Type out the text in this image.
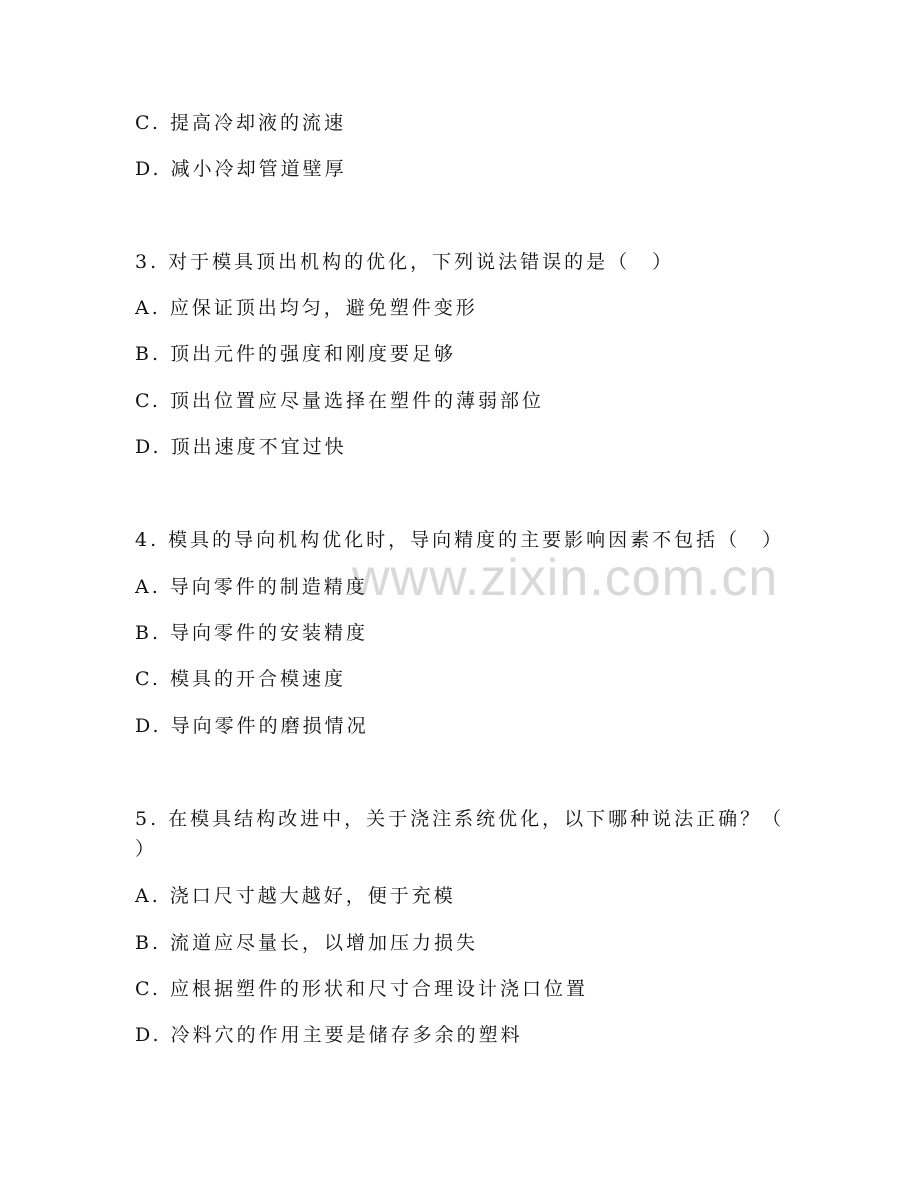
www.zixin.com.cn
C. 提高冷却液的流速
D. 减小冷却管道壁厚
3. 对于模具顶出机构的优化，下列说法错误的是（　）
A. 应保证顶出均匀，避免塑件变形
B. 顶出元件的强度和刚度要足够
C. 顶出位置应尽量选择在塑件的薄弱部位
D. 顶出速度不宜过快
4. 模具的导向机构优化时，导向精度的主要影响因素不包括（　）
A. 导向零件的制造精度
B. 导向零件的安装精度
C. 模具的开合模速度
D. 导向零件的磨损情况
5. 在模具结构改进中，关于浇注系统优化，以下哪种说法正确？（
）
A. 浇口尺寸越大越好，便于充模
B. 流道应尽量长，以增加压力损失
C. 应根据塑件的形状和尺寸合理设计浇口位置
D. 冷料穴的作用主要是储存多余的塑料
